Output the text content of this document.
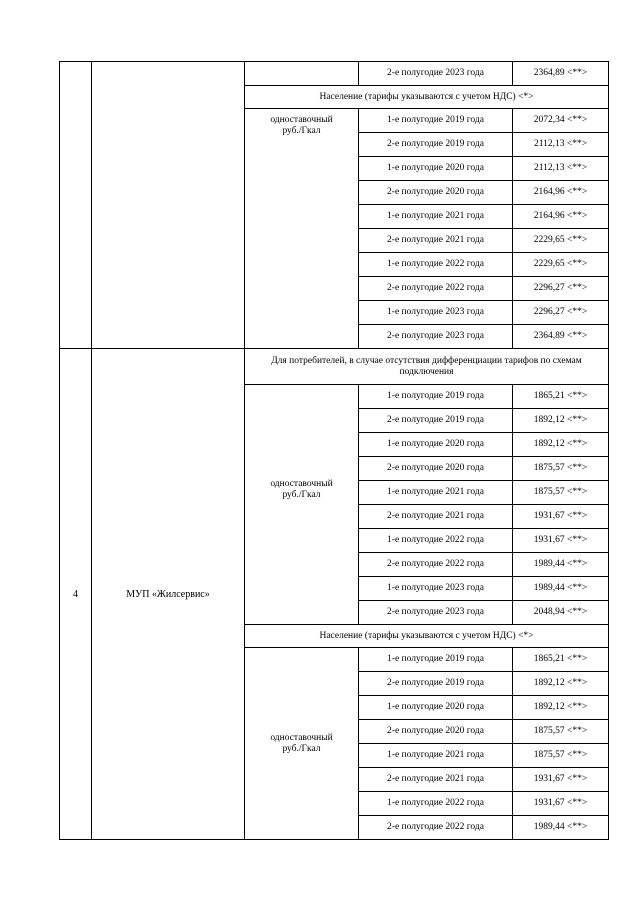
			2-е полугодие 2023 года	2364,89 <**>
		Население (тарифы указываются с учетом НДС) <*>		
		одноставочный руб./Гкал	1-е полугодие 2019 года	2072,34 <**>
			2-е полугодие 2019 года	2112,13 <**>
			1-е полугодие 2020 года	2112,13 <**>
			2-е полугодие 2020 года	2164,96 <**>
			1-е полугодие 2021 года	2164,96 <**>
			2-е полугодие 2021 года	2229,65 <**>
			1-е полугодие 2022 года	2229,65 <**>
			2-е полугодие 2022 года	2296,27 <**>
			1-е полугодие 2023 года	2296,27 <**>
			2-е полугодие 2023 года	2364,89 <**>
4	МУП «Жилсервис»	Для потребителей, в случае отсутствия дифференциации тарифов по схемам подключения		
		одноставочный руб./Гкал	1-е полугодие 2019 года	1865,21 <**>
			2-е полугодие 2019 года	1892,12 <**>
			1-е полугодие 2020 года	1892,12 <**>
			2-е полугодие 2020 года	1875,57 <**>
			1-е полугодие 2021 года	1875,57 <**>
			2-е полугодие 2021 года	1931,67 <**>
			1-е полугодие 2022 года	1931,67 <**>
			2-е полугодие 2022 года	1989,44 <**>
			1-е полугодие 2023 года	1989,44 <**>
			2-е полугодие 2023 года	2048,94 <**>
		Население (тарифы указываются с учетом НДС) <*>		
		одноставочный руб./Гкал	1-е полугодие 2019 года	1865,21 <**>
			2-е полугодие 2019 года	1892,12 <**>
			1-е полугодие 2020 года	1892,12 <**>
			2-е полугодие 2020 года	1875,57 <**>
			1-е полугодие 2021 года	1875,57 <**>
			2-е полугодие 2021 года	1931,67 <**>
			1-е полугодие 2022 года	1931,67 <**>
			2-е полугодие 2022 года	1989,44 <**>
